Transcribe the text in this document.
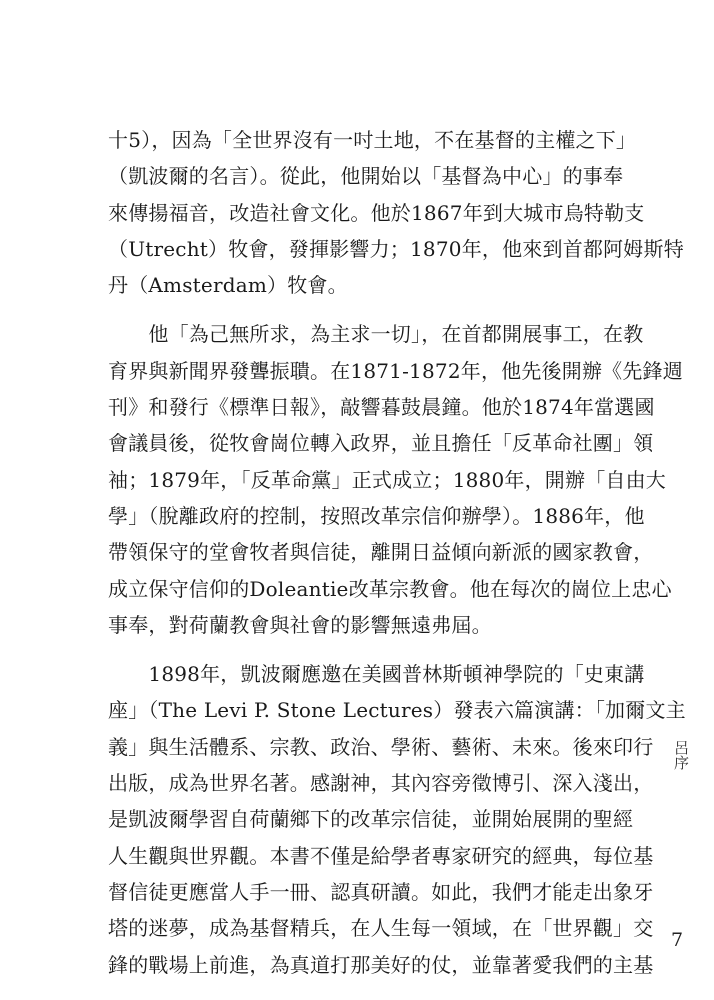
十5），因為「全世界沒有一吋土地，不在基督的主權之下」
（凱波爾的名言）。從此，他開始以「基督為中心」的事奉
來傳揚福音，改造社會文化。他於1867年到大城市烏特勒支
（Utrecht）牧會，發揮影響力；1870年，他來到首都阿姆斯特
丹（Amsterdam）牧會。
　　他「為己無所求，為主求一切」，在首都開展事工，在教
育界與新聞界發聾振聵。在1871-1872年，他先後開辦《先鋒週
刊》和發行《標準日報》，敲響暮鼓晨鐘。他於1874年當選國
會議員後，從牧會崗位轉入政界，並且擔任「反革命社團」領
袖；1879年，「反革命黨」正式成立；1880年，開辦「自由大
學」（脫離政府的控制，按照改革宗信仰辦學）。1886年，他
帶領保守的堂會牧者與信徒，離開日益傾向新派的國家教會，
成立保守信仰的Doleantie改革宗教會。他在每次的崗位上忠心
事奉，對荷蘭教會與社會的影響無遠弗屆。
　　1898年，凱波爾應邀在美國普林斯頓神學院的「史東講
座」（The Levi P. Stone Lectures）發表六篇演講：「加爾文主
義」與生活體系、宗教、政治、學術、藝術、未來。後來印行
出版，成為世界名著。感謝神，其內容旁徵博引、深入淺出，
是凱波爾學習自荷蘭鄉下的改革宗信徒，並開始展開的聖經
人生觀與世界觀。本書不僅是給學者專家研究的經典，每位基
督信徒更應當人手一冊、認真研讀。如此，我們才能走出象牙
塔的迷夢，成為基督精兵，在人生每一領域，在「世界觀」交
鋒的戰場上前進，為真道打那美好的仗，並靠著愛我們的主基
呂序
7
